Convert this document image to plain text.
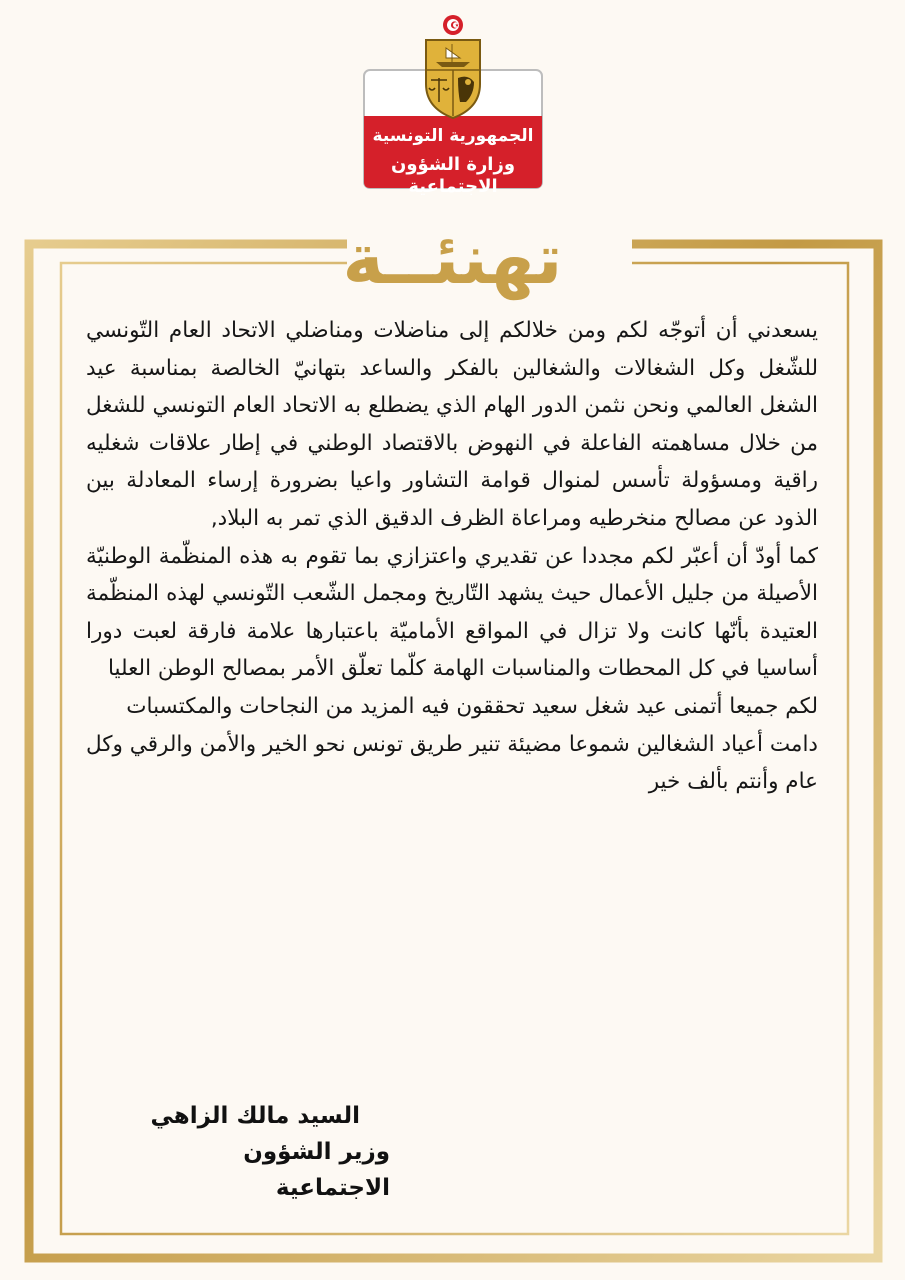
الجمهورية التونسية
وزارة الشؤون الاجتماعية
تهنئــة

يسعدني أن أتوجّه لكم ومن خلالكم إلى مناضلات ومناضلي الاتحاد العام التّونسي للشّغل وكل الشغالات والشغالين بالفكر والساعد بتهانيّ الخالصة بمناسبة عيد الشغل العالمي ونحن نثمن الدور الهام الذي يضطلع به الاتحاد العام التونسي للشغل من خلال مساهمته الفاعلة في النهوض بالاقتصاد الوطني في إطار علاقات شغليه راقية ومسؤولة تأسس لمنوال قوامة التشاور واعيا بضرورة إرساء المعادلة بين الذود عن مصالح منخرطيه ومراعاة الظرف الدقيق الذي تمر به البلاد,

كما أودّ أن أعبّر لكم مجددا عن تقديري واعتزازي بما تقوم به هذه المنظّمة الوطنيّة الأصيلة من جليل الأعمال حيث يشهد التّاريخ ومجمل الشّعب التّونسي لهذه المنظّمة العتيدة بأنّها كانت ولا تزال في المواقع الأماميّة باعتبارها علامة فارقة لعبت دورا أساسيا في كل المحطات والمناسبات الهامة كلّما تعلّق الأمر بمصالح الوطن العليا

لكم جميعا أتمنى عيد شغل سعيد تحققون فيه المزيد من النجاحات والمكتسبات

دامت أعياد الشغالين شموعا مضيئة تنير طريق تونس نحو الخير والأمن والرقي وكل عام وأنتم بألف خير

السيد مالك الزاهي
وزير الشؤون الاجتماعية
